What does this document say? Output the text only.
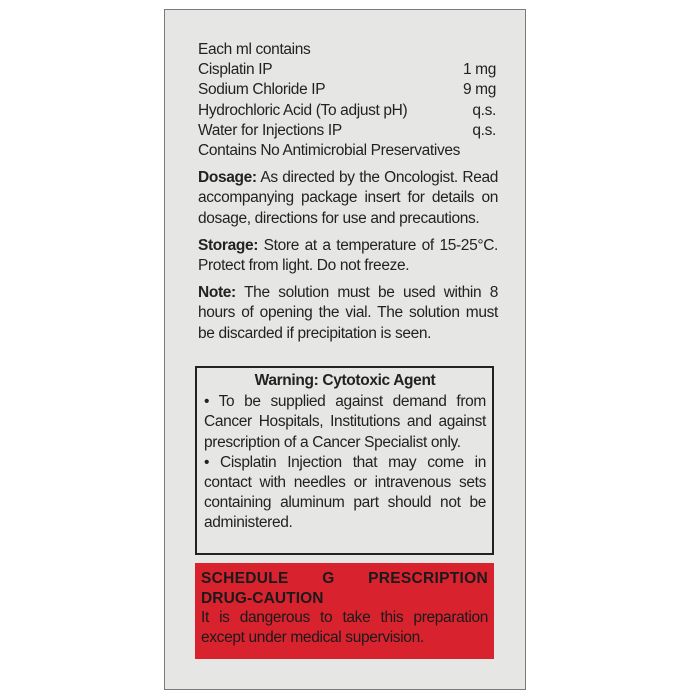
Each ml contains
Cisplatin IP	1 mg
Sodium Chloride IP	9 mg
Hydrochloric Acid (To adjust pH)	q.s.
Water for Injections IP	q.s.
Contains No Antimicrobial Preservatives
Dosage: As directed by the Oncologist. Read accompanying package insert for details on dosage, directions for use and precautions.
Storage: Store at a temperature of 15-25°C. Protect from light. Do not freeze.
Note: The solution must be used within 8 hours of opening the vial. The solution must be discarded if precipitation is seen.
Warning: Cytotoxic Agent
• To be supplied against demand from Cancer Hospitals, Institutions and against prescription of a Cancer Specialist only.
• Cisplatin Injection that may come in contact with needles or intravenous sets containing aluminum part should not be administered.
SCHEDULE G PRESCRIPTION
DRUG-CAUTION
It is dangerous to take this preparation except under medical supervision.
